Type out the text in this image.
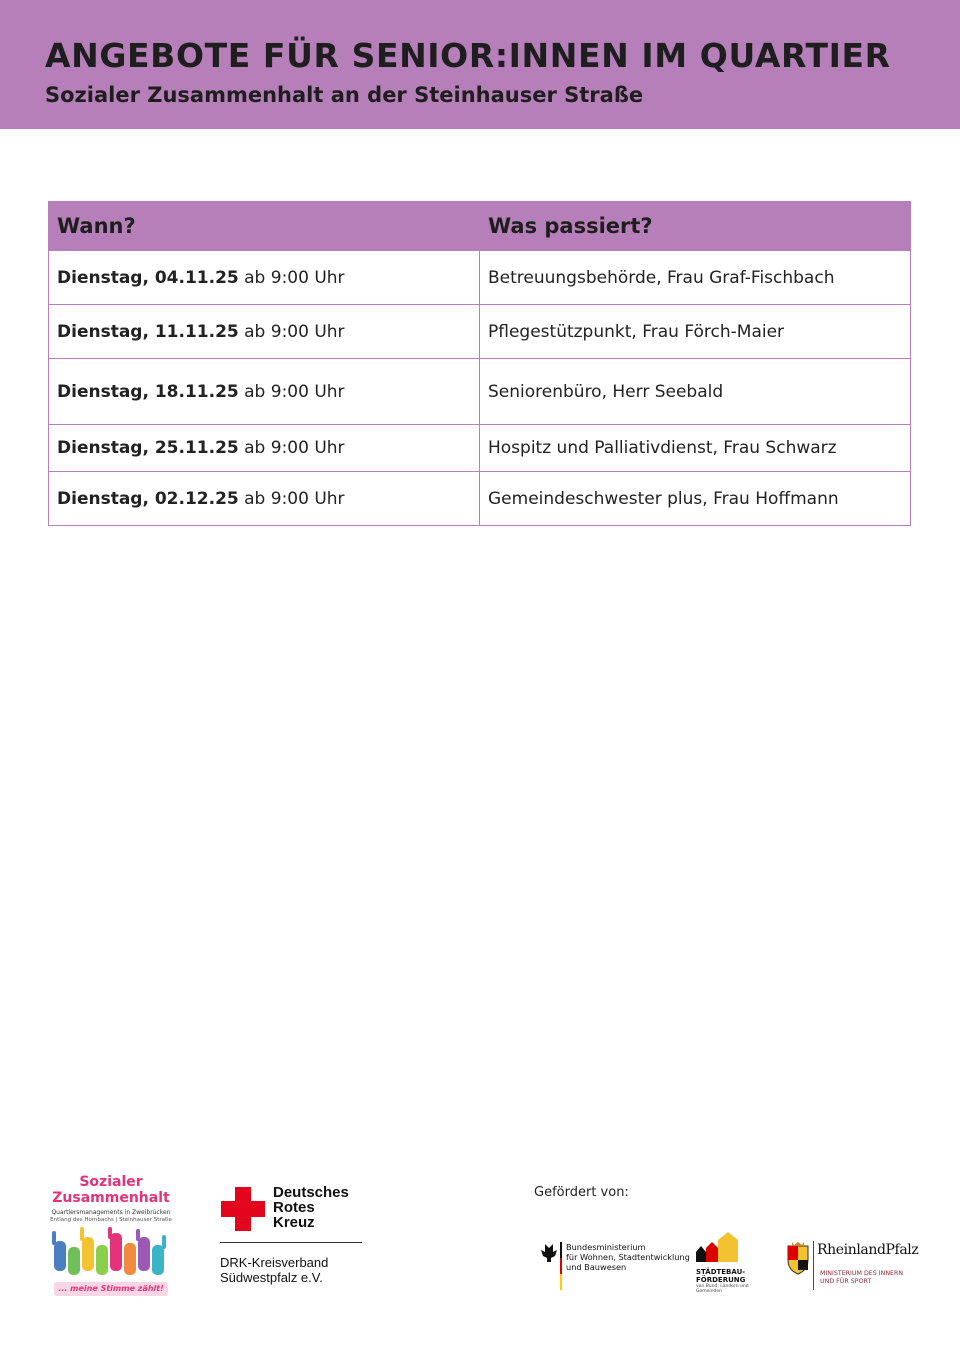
ANGEBOTE FÜR SENIOR:INNEN IM QUARTIER
Sozialer Zusammenhalt an der Steinhauser Straße
Wann?	Was passiert?
Dienstag, 04.11.25 ab 9:00 Uhr	Betreuungsbehörde, Frau Graf-Fischbach
Dienstag, 11.11.25 ab 9:00 Uhr	Pflegestützpunkt, Frau Förch-Maier
Dienstag, 18.11.25 ab 9:00 Uhr	Seniorenbüro, Herr Seebald
Dienstag, 25.11.25 ab 9:00 Uhr	Hospitz und Palliativdienst, Frau Schwarz
Dienstag, 02.12.25 ab 9:00 Uhr	Gemeindeschwester plus, Frau Hoffmann
Sozialer
Zusammenhalt
Quartiersmanagements in Zweibrücken
Entlang des Hornbachs | Steinhauser Straße
... meine Stimme zählt!
Deutsches
Rotes
Kreuz
DRK-Kreisverband
Südwestpfalz e.V.
Gefördert von:
Bundesministerium
für Wohnen, Stadtentwicklung
und Bauwesen	STÄDTEBAU-
FÖRDERUNG
von Bund, Ländern und
Gemeinden
RheinlandPfalz
MINISTERIUM DES INNERN
UND FÜR SPORT
